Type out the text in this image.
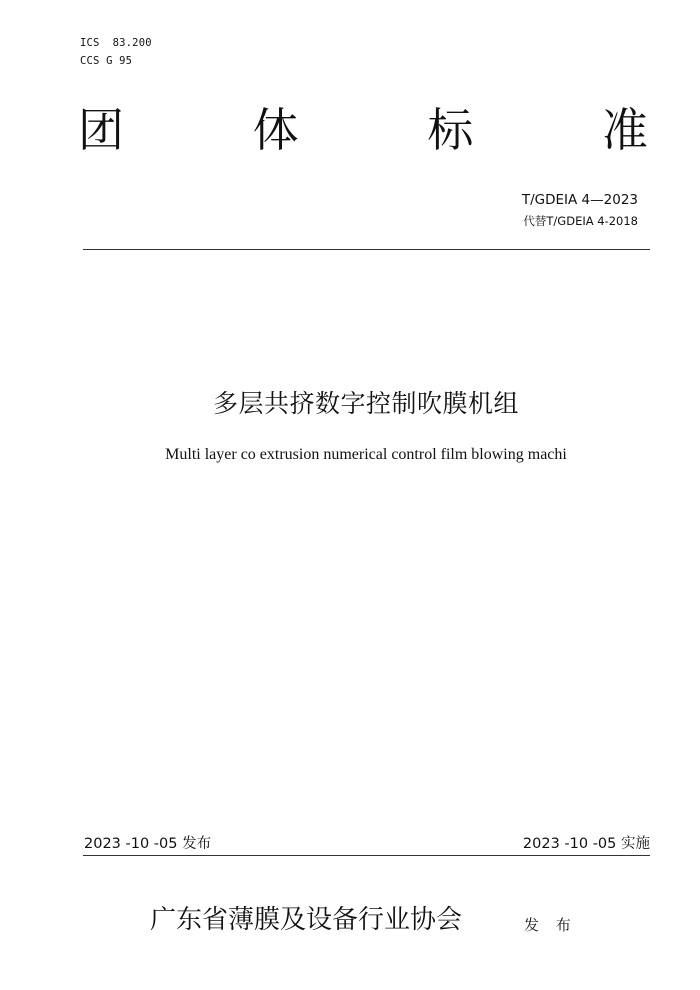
ICS  83.200
CCS G 95
团	体	标	准
T/GDEIA 4—2023
代替T/GDEIA 4-2018
多层共挤数字控制吹膜机组
Multi layer co extrusion numerical control film blowing machi
2023 -10 -05 发布	2023 -10 -05 实施
广东省薄膜及设备行业协会	发 布
